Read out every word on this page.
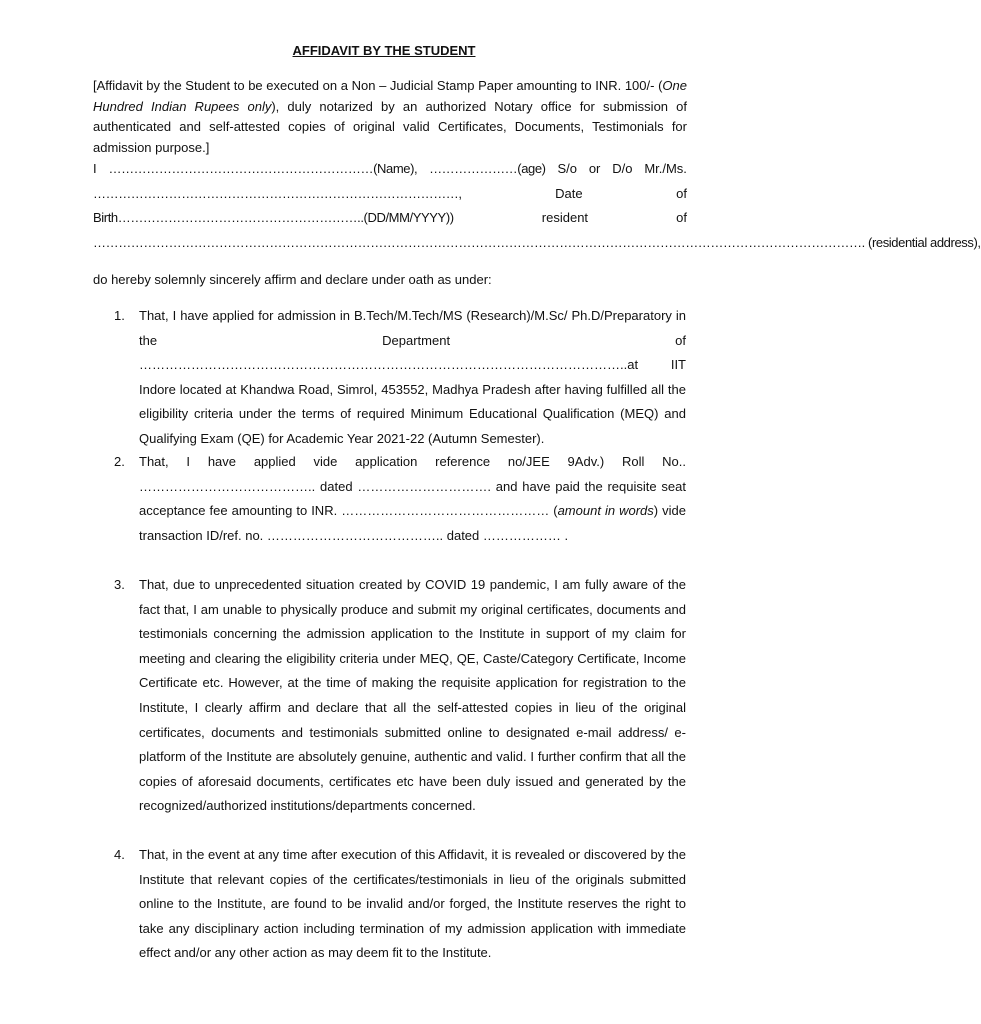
AFFIDAVIT BY THE STUDENT
[Affidavit by the Student to be executed on a Non – Judicial Stamp Paper amounting to INR. 100/- (One Hundred Indian Rupees only), duly notarized by an authorized Notary office for submission of authenticated and self-attested copies of original valid Certificates, Documents, Testimonials for admission purpose.]
I ………………………………………………………(Name), …………………(age) S/o or D/o Mr./Ms.
……………………………………………………………………………,	Date	of
Birth…………………………………………………..(DD/MM/YYYY))	resident	of
…………………………………………………………………………………………………………………………………………………………………. (residential address),
do hereby solemnly sincerely affirm and declare under oath as under:
1.	That, I have applied for admission in B.Tech/M.Tech/MS (Research)/M.Sc/ Ph.D/Preparatory in the Department of …………………………………………………………………………………………………..at IIT Indore located at Khandwa Road, Simrol, 453552, Madhya Pradesh after having fulfilled all the eligibility criteria under the terms of required Minimum Educational Qualification (MEQ) and Qualifying Exam (QE) for Academic Year 2021-22 (Autumn Semester).
2.	That, I have applied vide application reference no/JEE 9Adv.) Roll No.. ………………………………….. dated …………………………. and have paid the requisite seat acceptance fee amounting to INR. ………………………………………… (amount in words) vide transaction ID/ref. no. ………………………………….. dated ……………… .
3.	That, due to unprecedented situation created by COVID 19 pandemic, I am fully aware of the fact that, I am unable to physically produce and submit my original certificates, documents and testimonials concerning the admission application to the Institute in support of my claim for meeting and clearing the eligibility criteria under MEQ, QE, Caste/Category Certificate, Income Certificate etc. However, at the time of making the requisite application for registration to the Institute, I clearly affirm and declare that all the self-attested copies in lieu of the original certificates, documents and testimonials submitted online to designated e-mail address/ e-platform of the Institute are absolutely genuine, authentic and valid. I further confirm that all the copies of aforesaid documents, certificates etc have been duly issued and generated by the recognized/authorized institutions/departments concerned.
4.	That, in the event at any time after execution of this Affidavit, it is revealed or discovered by the Institute that relevant copies of the certificates/testimonials in lieu of the originals submitted online to the Institute, are found to be invalid and/or forged, the Institute reserves the right to take any disciplinary action including termination of my admission application with immediate effect and/or any other action as may deem fit to the Institute.
